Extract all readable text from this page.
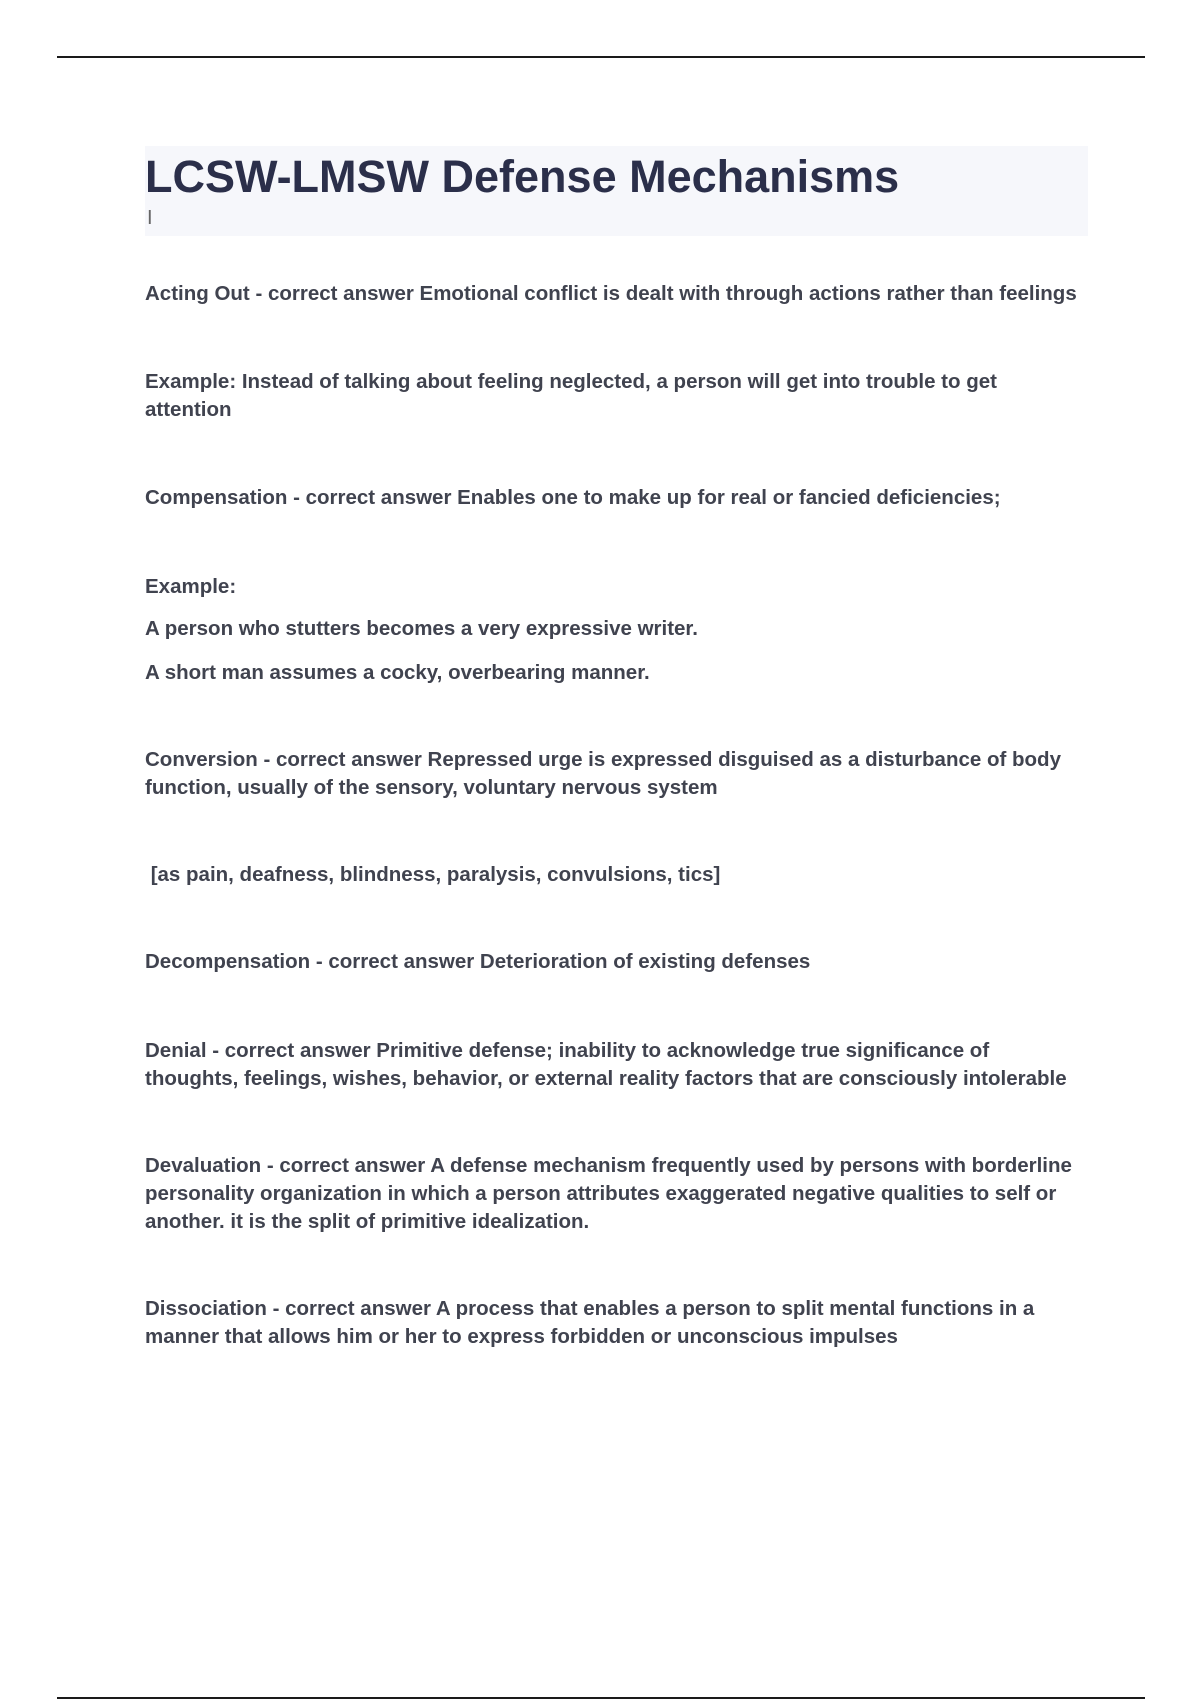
LCSW-LMSW Defense Mechanisms
I

Acting Out - correct answer Emotional conflict is dealt with through actions rather than feelings

Example: Instead of talking about feeling neglected, a person will get into trouble to get attention

Compensation - correct answer Enables one to make up for real or fancied deficiencies;

Example:

A person who stutters becomes a very expressive writer.

A short man assumes a cocky, overbearing manner.

Conversion - correct answer Repressed urge is expressed disguised as a disturbance of body function, usually of the sensory, voluntary nervous system

[as pain, deafness, blindness, paralysis, convulsions, tics]

Decompensation - correct answer Deterioration of existing defenses

Denial - correct answer Primitive defense; inability to acknowledge true significance of thoughts, feelings, wishes, behavior, or external reality factors that are consciously intolerable

Devaluation - correct answer A defense mechanism frequently used by persons with borderline personality organization in which a person attributes exaggerated negative qualities to self or another. it is the split of primitive idealization.

Dissociation - correct answer A process that enables a person to split mental functions in a manner that allows him or her to express forbidden or unconscious impulses
